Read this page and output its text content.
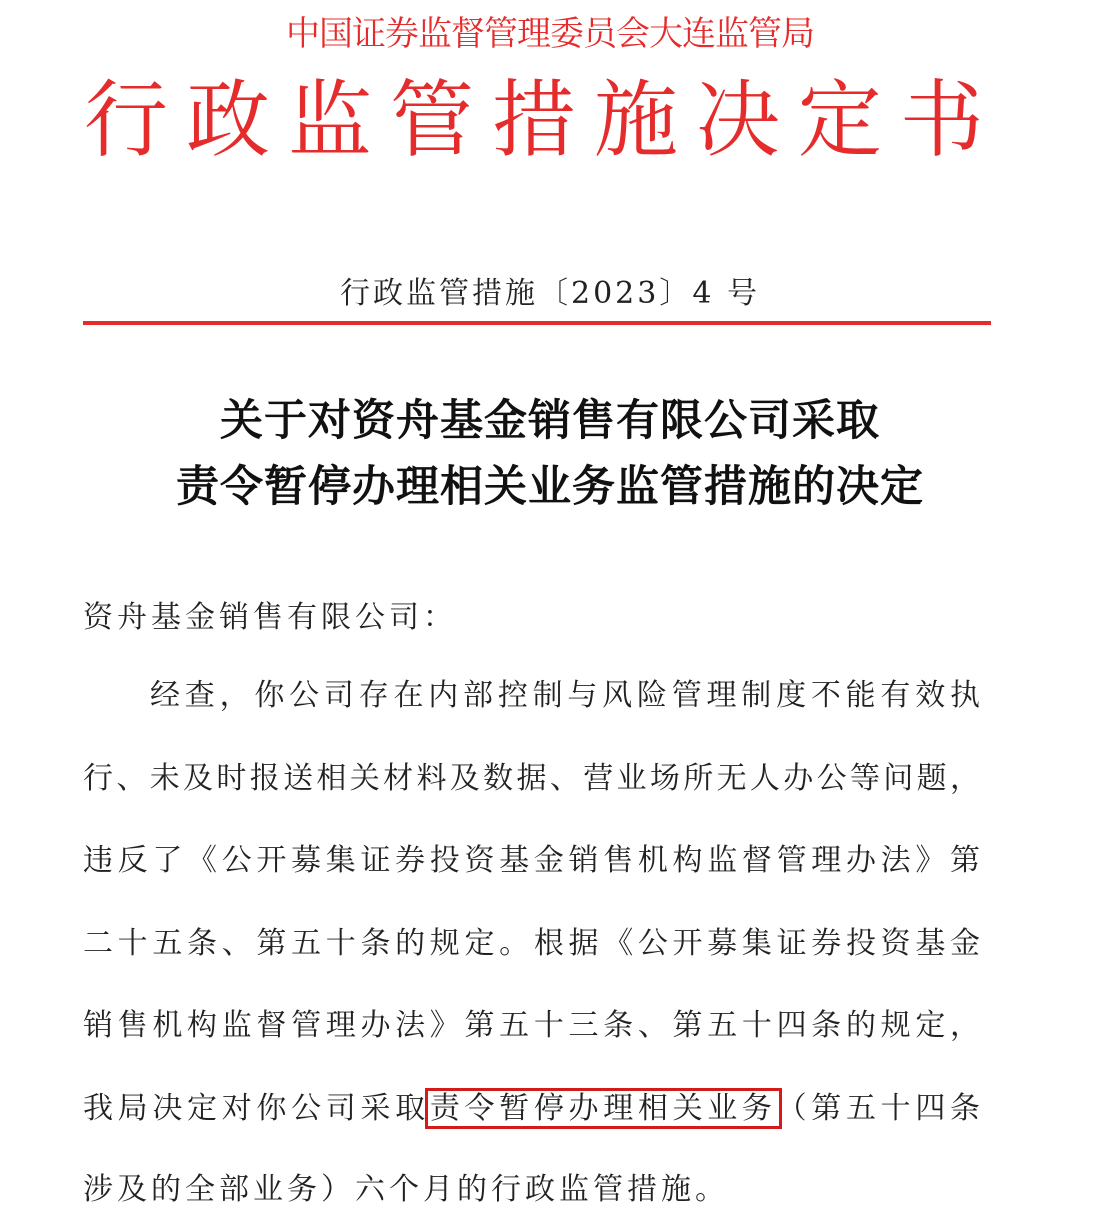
中国证券监督管理委员会大连监管局
行 政 监 管 措 施 决 定 书
行政监管措施〔2023〕4 号
关于对资舟基金销售有限公司采取
责令暂停办理相关业务监管措施的决定
资舟基金销售有限公司：
经查，你公司存在内部控制与风险管理制度不能有效执
行、未及时报送相关材料及数据、营业场所无人办公等问题，
违反了《公开募集证券投资基金销售机构监督管理办法》第
二十五条、第五十条的规定。根据《公开募集证券投资基金
销售机构监督管理办法》第五十三条、第五十四条的规定，
我局决定对你公司采取责令暂停办理相关业务（第五十四条
涉及的全部业务）六个月的行政监管措施。
